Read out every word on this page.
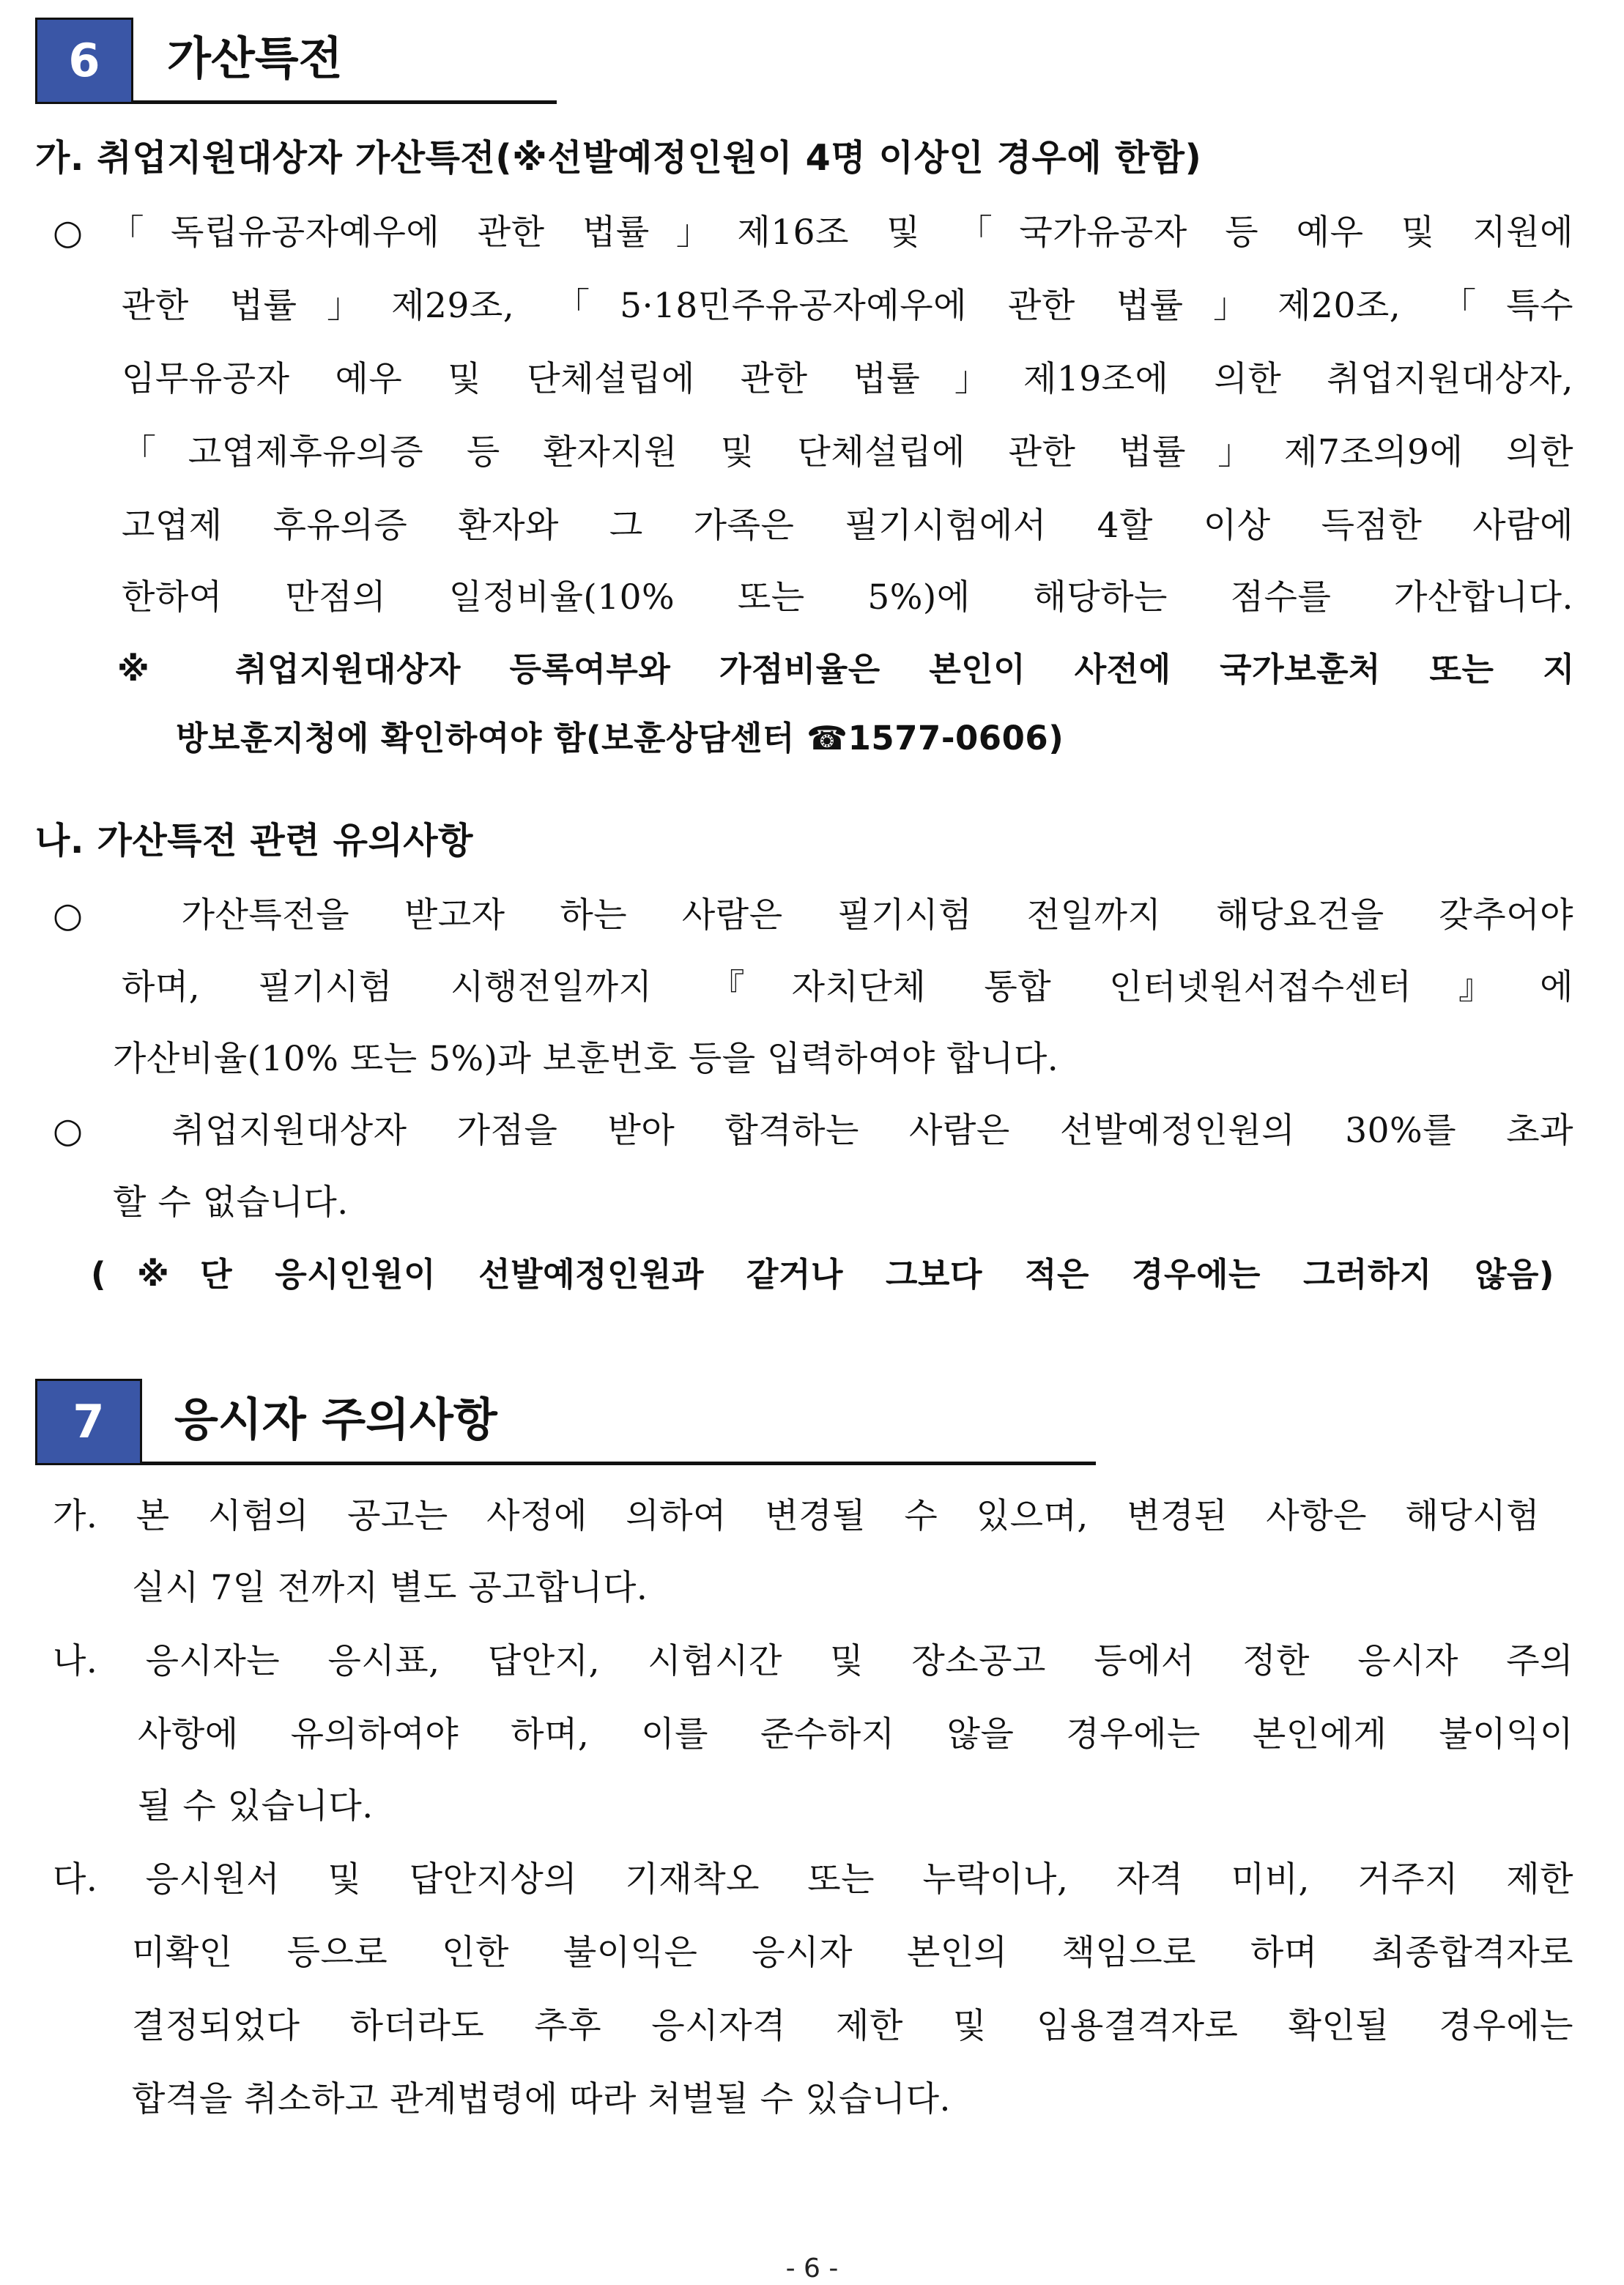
6	가산특전
가. 취업지원대상자 가산특전(※선발예정인원이 4명 이상인 경우에 한함)
○「독립유공자예우에 관한 법률」제16조 및 「국가유공자 등 예우 및 지원에
관한 법률」제29조, 「5·18민주유공자예우에 관한 법률」제20조, 「특수
임무유공자 예우 및 단체설립에 관한 법률」제19조에 의한 취업지원대상자,
「고엽제후유의증 등 환자지원 및 단체설립에 관한 법률」제7조의9에 의한
고엽제 후유의증 환자와 그 가족은 필기시험에서 4할 이상 득점한 사람에
한하여 만점의 일정비율(10% 또는 5%)에 해당하는 점수를 가산합니다.
※ 취업지원대상자 등록여부와 가점비율은 본인이 사전에 국가보훈처 또는 지
방보훈지청에 확인하여야 함(보훈상담센터 ☎1577-0606)
나. 가산특전 관련 유의사항
○ 가산특전을 받고자 하는 사람은 필기시험 전일까지 해당요건을 갖추어야
하며, 필기시험 시행전일까지 『자치단체 통합 인터넷원서접수센터』에
가산비율(10% 또는 5%)과 보훈번호 등을 입력하여야 합니다.
○ 취업지원대상자 가점을 받아 합격하는 사람은 선발예정인원의 30%를 초과
할 수 없습니다.
(※단 응시인원이 선발예정인원과 같거나 그보다 적은 경우에는 그러하지 않음)
7	응시자 주의사항
가. 본 시험의 공고는 사정에 의하여 변경될 수 있으며, 변경된 사항은 해당시험
실시 7일 전까지 별도 공고합니다.
나. 응시자는 응시표, 답안지, 시험시간 및 장소공고 등에서 정한 응시자 주의
사항에 유의하여야 하며, 이를 준수하지 않을 경우에는 본인에게 불이익이
될 수 있습니다.
다. 응시원서 및 답안지상의 기재착오 또는 누락이나, 자격 미비, 거주지 제한
미확인 등으로 인한 불이익은 응시자 본인의 책임으로 하며 최종합격자로
결정되었다 하더라도 추후 응시자격 제한 및 임용결격자로 확인될 경우에는
합격을 취소하고 관계법령에 따라 처벌될 수 있습니다.
- 6 -
